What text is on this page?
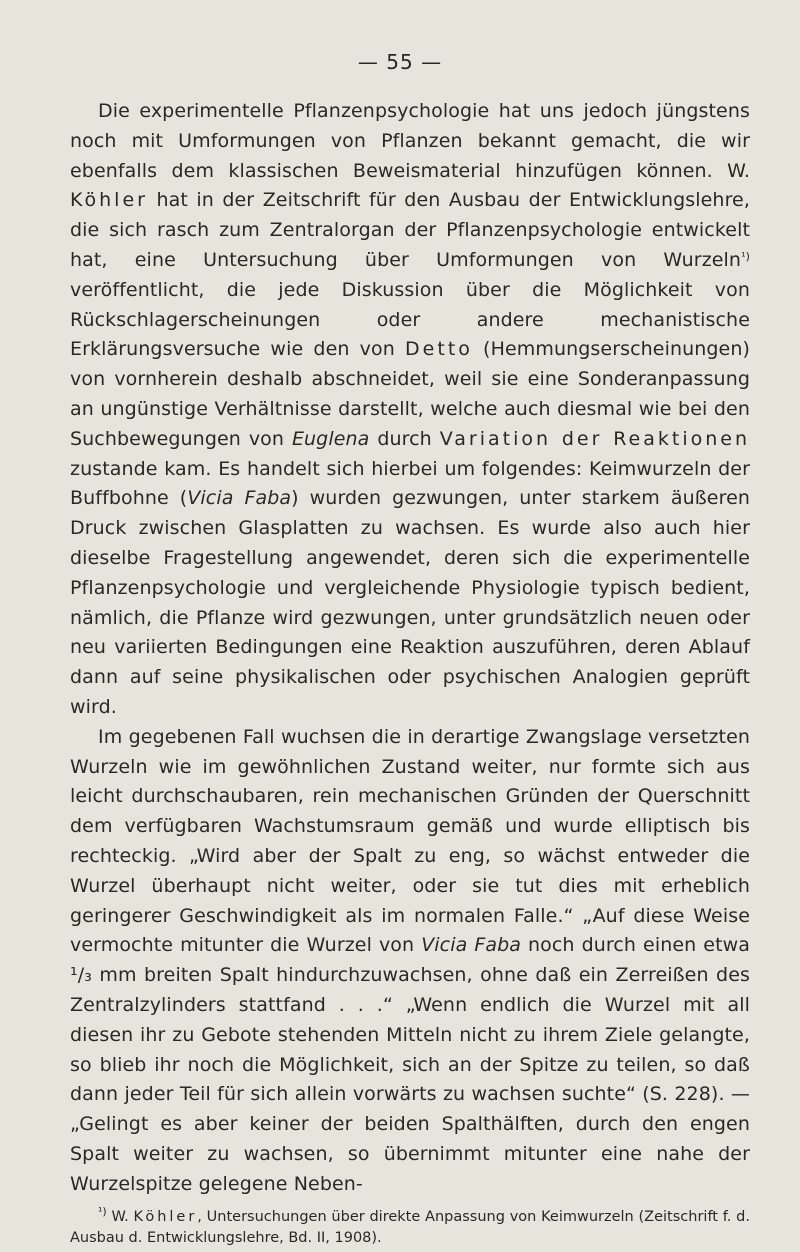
— 55 —

Die experimentelle Pflanzenpsychologie hat uns jedoch jüngstens noch mit Umformungen von Pflanzen bekannt gemacht, die wir ebenfalls dem klassischen Beweismaterial hinzufügen können. W. Köhler hat in der Zeitschrift für den Ausbau der Entwicklungslehre, die sich rasch zum Zentralorgan der Pflanzenpsychologie entwickelt hat, eine Untersuchung über Umformungen von Wurzeln$^{^1)}$ veröffentlicht, die jede Diskussion über die Möglichkeit von Rückschlagerscheinungen oder andere mechanistische Erklärungsversuche wie den von Detto (Hemmungserscheinungen) von vornherein deshalb abschneidet, weil sie eine Sonderanpassung an ungünstige Verhältnisse darstellt, welche auch diesmal wie bei den Suchbewegungen von Euglena durch Variation der Reaktionen zustande kam. Es handelt sich hierbei um folgendes: Keimwurzeln der Buffbohne (Vicia Faba) wurden gezwungen, unter starkem äußeren Druck zwischen Glasplatten zu wachsen. Es wurde also auch hier dieselbe Fragestellung angewendet, deren sich die experimentelle Pflanzenpsychologie und vergleichende Physiologie typisch bedient, nämlich, die Pflanze wird gezwungen, unter grundsätzlich neuen oder neu variierten Bedingungen eine Reaktion auszuführen, deren Ablauf dann auf seine physikalischen oder psychischen Analogien geprüft wird.

Im gegebenen Fall wuchsen die in derartige Zwangslage versetzten Wurzeln wie im gewöhnlichen Zustand weiter, nur formte sich aus leicht durchschaubaren, rein mechanischen Gründen der Querschnitt dem verfügbaren Wachstumsraum gemäß und wurde elliptisch bis rechteckig. „Wird aber der Spalt zu eng, so wächst entweder die Wurzel überhaupt nicht weiter, oder sie tut dies mit erheblich geringerer Geschwindigkeit als im normalen Falle.“ „Auf diese Weise vermochte mitunter die Wurzel von Vicia Faba noch durch einen etwa ¹/₃ mm breiten Spalt hindurchzuwachsen, ohne daß ein Zerreißen des Zentralzylinders stattfand . . .“ „Wenn endlich die Wurzel mit all diesen ihr zu Gebote stehenden Mitteln nicht zu ihrem Ziele gelangte, so blieb ihr noch die Möglichkeit, sich an der Spitze zu teilen, so daß dann jeder Teil für sich allein vorwärts zu wachsen suchte“ (S. 228). — „Gelingt es aber keiner der beiden Spalthälften, durch den engen Spalt weiter zu wachsen, so übernimmt mitunter eine nahe der Wurzelspitze gelegene Neben-

$^{^1)}$ W. Köhler, Untersuchungen über direkte Anpassung von Keimwurzeln (Zeitschrift f. d. Ausbau d. Entwicklungslehre, Bd. II, 1908).
